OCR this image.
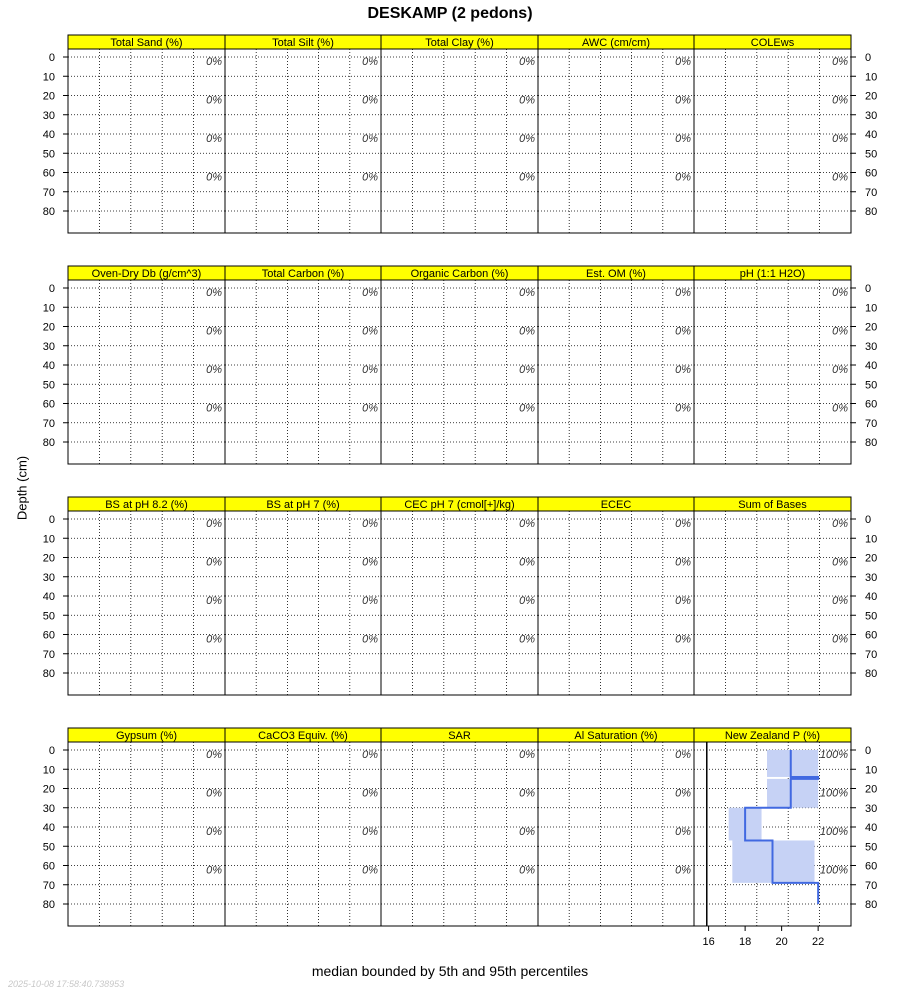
DESKAMP (2 pedons)
Depth (cm)
median bounded by 5th and 95th percentiles
2025-10-08 17:58:40.738953
Total Sand (%)
0%
0%
0%
0%
Total Silt (%)
0%
0%
0%
0%
Total Clay (%)
0%
0%
0%
0%
AWC (cm/cm)
0%
0%
0%
0%
COLEws
0%
0%
0%
0%
0	0
10	10
20	20
30	30
40	40
50	50
60	60
70	70
80	80
Oven-Dry Db (g/cm^3)
0%
0%
0%
0%
Total Carbon (%)
0%
0%
0%
0%
Organic Carbon (%)
0%
0%
0%
0%
Est. OM (%)
0%
0%
0%
0%
pH (1:1 H2O)
0%
0%
0%
0%
0	0
10	10
20	20
30	30
40	40
50	50
60	60
70	70
80	80
BS at pH 8.2 (%)
0%
0%
0%
0%
BS at pH 7 (%)
0%
0%
0%
0%
CEC pH 7 (cmol[+]/kg)
0%
0%
0%
0%
ECEC
0%
0%
0%
0%
Sum of Bases
0%
0%
0%
0%
0	0
10	10
20	20
30	30
40	40
50	50
60	60
70	70
80	80
Gypsum (%)
0%
0%
0%
0%
CaCO3 Equiv. (%)
0%
0%
0%
0%
SAR
0%
0%
0%
0%
Al Saturation (%)
0%
0%
0%
0%
New Zealand P (%)
16 18 20 22
100%
100%
100%
100%
0	0
10	10
20	20
30	30
40	40
50	50
60	60
70	70
80	80
